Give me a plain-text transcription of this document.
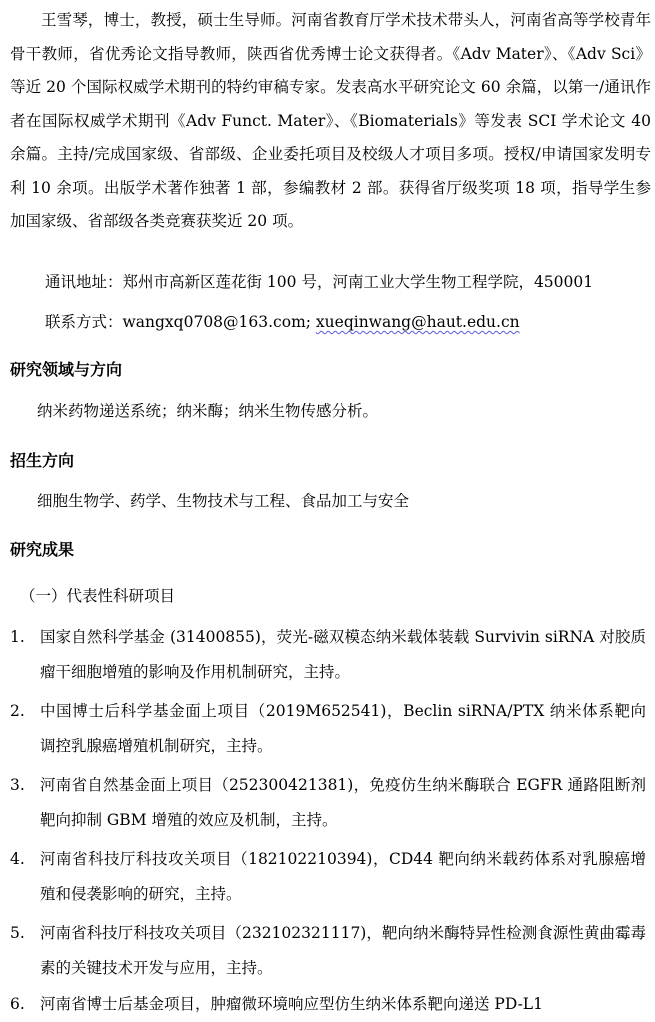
王雪琴，博士，教授，硕士生导师。河南省教育厅学术技术带头人，河南省高等学校青年骨干教师，省优秀论文指导教师，陕西省优秀博士论文获得者。《Adv Mater》、《Adv Sci》等近 20 个国际权威学术期刊的特约审稿专家。发表高水平研究论文 60 余篇，以第一/通讯作者在国际权威学术期刊《Adv Funct. Mater》、《Biomaterials》等发表 SCI 学术论文 40 余篇。主持/完成国家级、省部级、企业委托项目及校级人才项目多项。授权/申请国家发明专利 10 余项。出版学术著作独著 1 部，参编教材 2 部。获得省厅级奖项 18 项，指导学生参加国家级、省部级各类竞赛获奖近 20 项。

通讯地址：郑州市高新区莲花街 100 号，河南工业大学生物工程学院，450001
联系方式：wangxq0708@163.com; xueqinwang@haut.edu.cn
研究领域与方向
纳米药物递送系统；纳米酶；纳米生物传感分析。
招生方向
细胞生物学、药学、生物技术与工程、食品加工与安全
研究成果
（一）代表性科研项目
1. 国家自然科学基金 (31400855)，荧光-磁双模态纳米载体装载 Survivin siRNA 对胶质瘤干细胞增殖的影响及作用机制研究，主持。
2. 中国博士后科学基金面上项目（2019M652541)，Beclin siRNA/PTX 纳米体系靶向调控乳腺癌增殖机制研究，主持。
3. 河南省自然基金面上项目（252300421381)，免疫仿生纳米酶联合 EGFR 通路阻断剂靶向抑制 GBM 增殖的效应及机制，主持。
4. 河南省科技厅科技攻关项目（182102210394)，CD44 靶向纳米载药体系对乳腺癌增殖和侵袭影响的研究，主持。
5. 河南省科技厅科技攻关项目（232102321117)，靶向纳米酶特异性检测食源性黄曲霉毒素的关键技术开发与应用，主持。
6. 河南省博士后基金项目，肿瘤微环境响应型仿生纳米体系靶向递送 PD-L1
